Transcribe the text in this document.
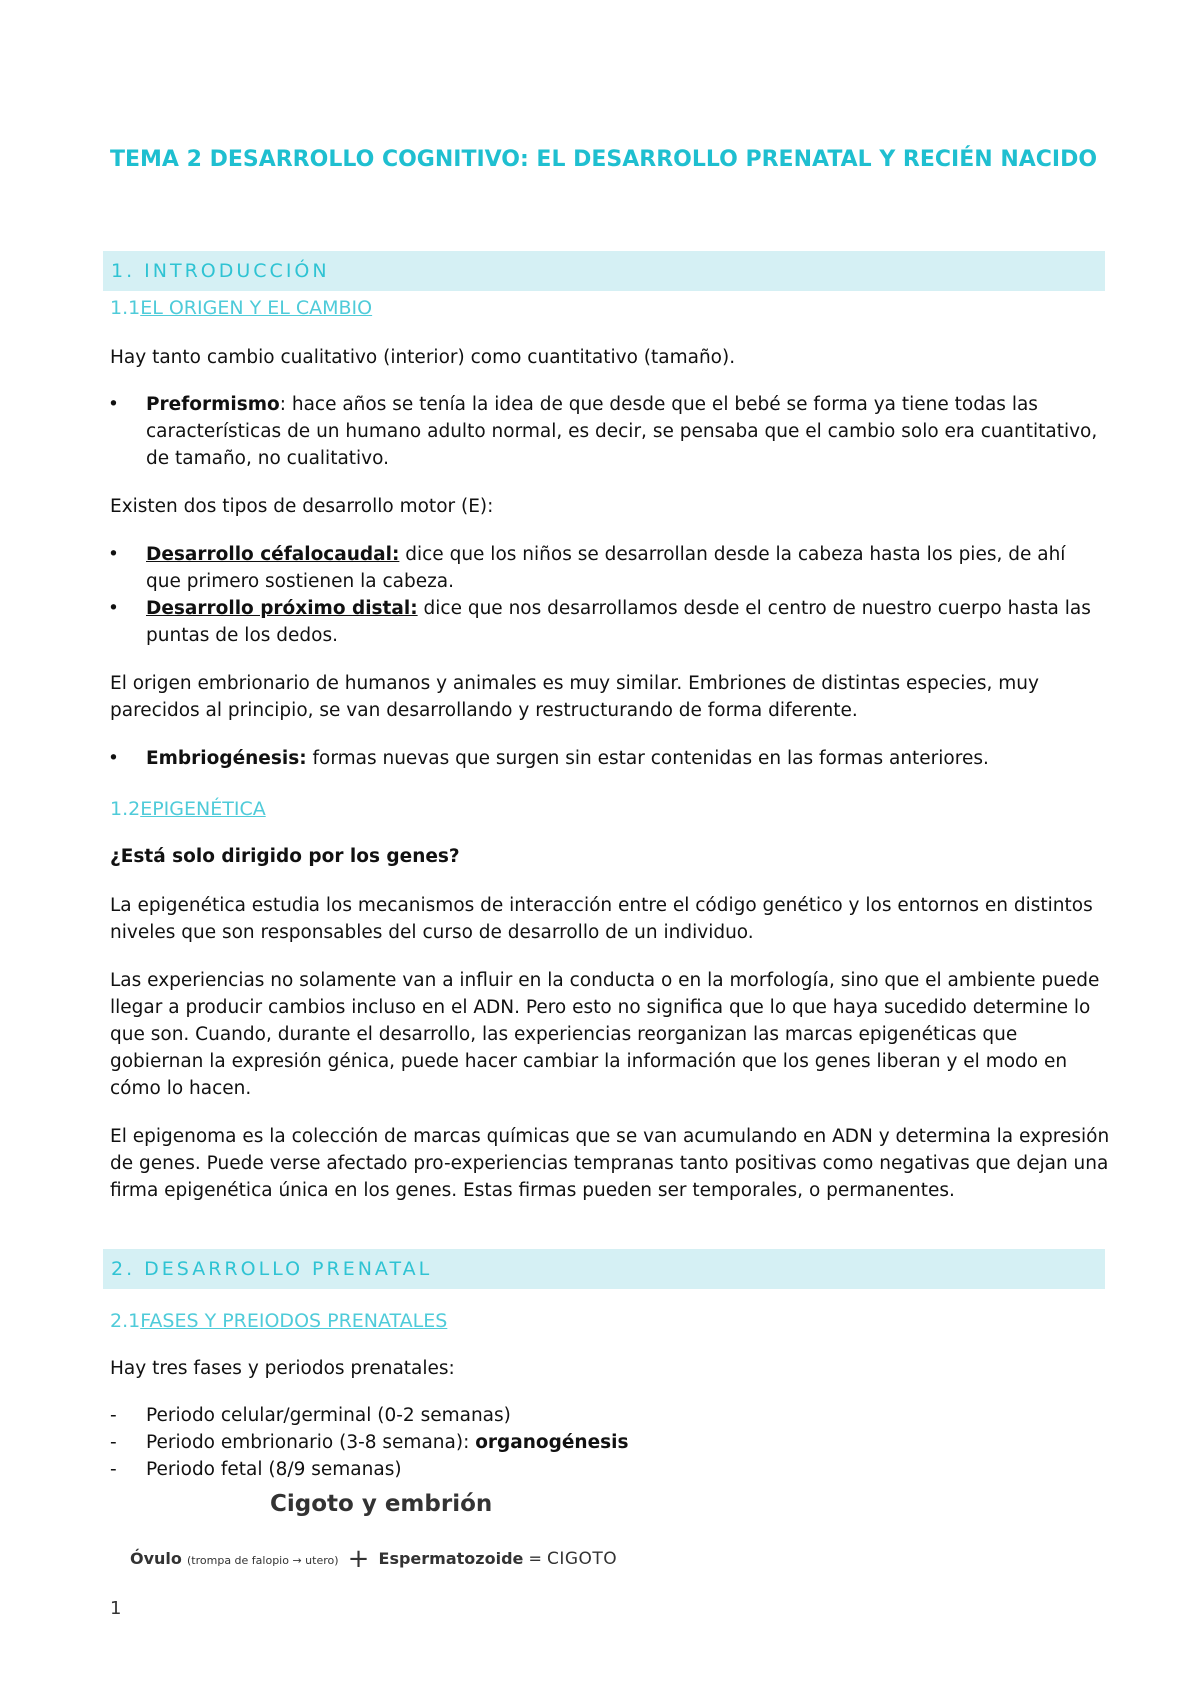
TEMA 2 DESARROLLO COGNITIVO: EL DESARROLLO PRENATAL Y RECIÉN NACIDO
1. INTRODUCCIÓN
1.1EL ORIGEN Y EL CAMBIO

Hay tanto cambio cualitativo (interior) como cuantitativo (tamaño).

• Preformismo: hace años se tenía la idea de que desde que el bebé se forma ya tiene todas las características de un humano adulto normal, es decir, se pensaba que el cambio solo era cuantitativo, de tamaño, no cualitativo.

Existen dos tipos de desarrollo motor (E):

• Desarrollo céfalocaudal: dice que los niños se desarrollan desde la cabeza hasta los pies, de ahí que primero sostienen la cabeza.

• Desarrollo próximo distal: dice que nos desarrollamos desde el centro de nuestro cuerpo hasta las puntas de los dedos.

El origen embrionario de humanos y animales es muy similar. Embriones de distintas especies, muy parecidos al principio, se van desarrollando y restructurando de forma diferente.

• Embriogénesis: formas nuevas que surgen sin estar contenidas en las formas anteriores.

1.2EPIGENÉTICA

¿Está solo dirigido por los genes?

La epigenética estudia los mecanismos de interacción entre el código genético y los entornos en distintos niveles que son responsables del curso de desarrollo de un individuo.

Las experiencias no solamente van a influir en la conducta o en la morfología, sino que el ambiente puede llegar a producir cambios incluso en el ADN. Pero esto no significa que lo que haya sucedido determine lo que son. Cuando, durante el desarrollo, las experiencias reorganizan las marcas epigenéticas que gobiernan la expresión génica, puede hacer cambiar la información que los genes liberan y el modo en cómo lo hacen.

El epigenoma es la colección de marcas químicas que se van acumulando en ADN y determina la expresión de genes. Puede verse afectado pro-experiencias tempranas tanto positivas como negativas que dejan una firma epigenética única en los genes. Estas firmas pueden ser temporales, o permanentes.

2. DESARROLLO PRENATAL
2.1FASES Y PREIODOS PRENATALES

Hay tres fases y periodos prenatales:

- Periodo celular/germinal (0-2 semanas)

- Periodo embrionario (3-8 semana): organogénesis

- Periodo fetal (8/9 semanas)

Cigoto y embrión
Óvulo (trompa de falopio → utero) + Espermatozoide = CIGOTO
1
